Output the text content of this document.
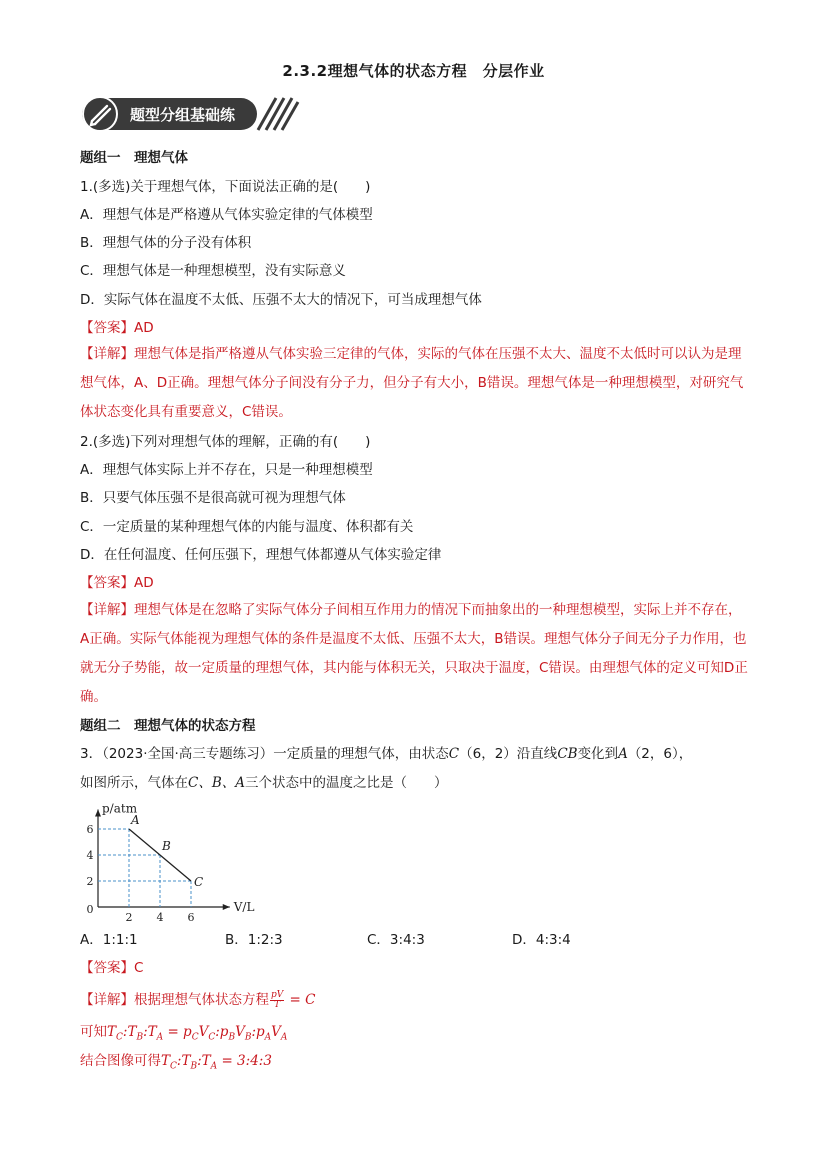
2.3.2理想气体的状态方程　分层作业
题型分组基础练
题组一　理想气体
1.(多选)关于理想气体，下面说法正确的是(　　)
A．理想气体是严格遵从气体实验定律的气体模型
B．理想气体的分子没有体积
C．理想气体是一种理想模型，没有实际意义
D．实际气体在温度不太低、压强不太大的情况下，可当成理想气体
【答案】AD
【详解】理想气体是指严格遵从气体实验三定律的气体，实际的气体在压强不太大、温度不太低时可以认为是理想气体，A、D正确。理想气体分子间没有分子力，但分子有大小，B错误。理想气体是一种理想模型，对研究气体状态变化具有重要意义，C错误。
2.(多选)下列对理想气体的理解，正确的有(　　)
A．理想气体实际上并不存在，只是一种理想模型
B．只要气体压强不是很高就可视为理想气体
C．一定质量的某种理想气体的内能与温度、体积都有关
D．在任何温度、任何压强下，理想气体都遵从气体实验定律
【答案】AD
【详解】理想气体是在忽略了实际气体分子间相互作用力的情况下而抽象出的一种理想模型，实际上并不存在，A正确。实际气体能视为理想气体的条件是温度不太低、压强不太大，B错误。理想气体分子间无分子力作用，也就无分子势能，故一定质量的理想气体，其内能与体积无关，只取决于温度，C错误。由理想气体的定义可知D正确。
题组二　理想气体的状态方程
3．（2023·全国·高三专题练习）一定质量的理想气体，由状态C（6，2）沿直线CB变化到A（2，6），
如图所示，气体在C、B、A三个状态中的温度之比是（　　）
A
B
C
2 4 6
2
4
6
0	V/L
p/atm
A．1:1:1	B．1:2:3	C．3:4:3	D．4:3:4
【答案】C
【详解】根据理想气体状态方程 $\frac{pV}{T} = C$
可知$T_C:T_B:T_A$ = $p_CV_C:p_BV_B:p_AV_A$
结合图像可得$T_C:T_B:T_A$ = 3:4:3
